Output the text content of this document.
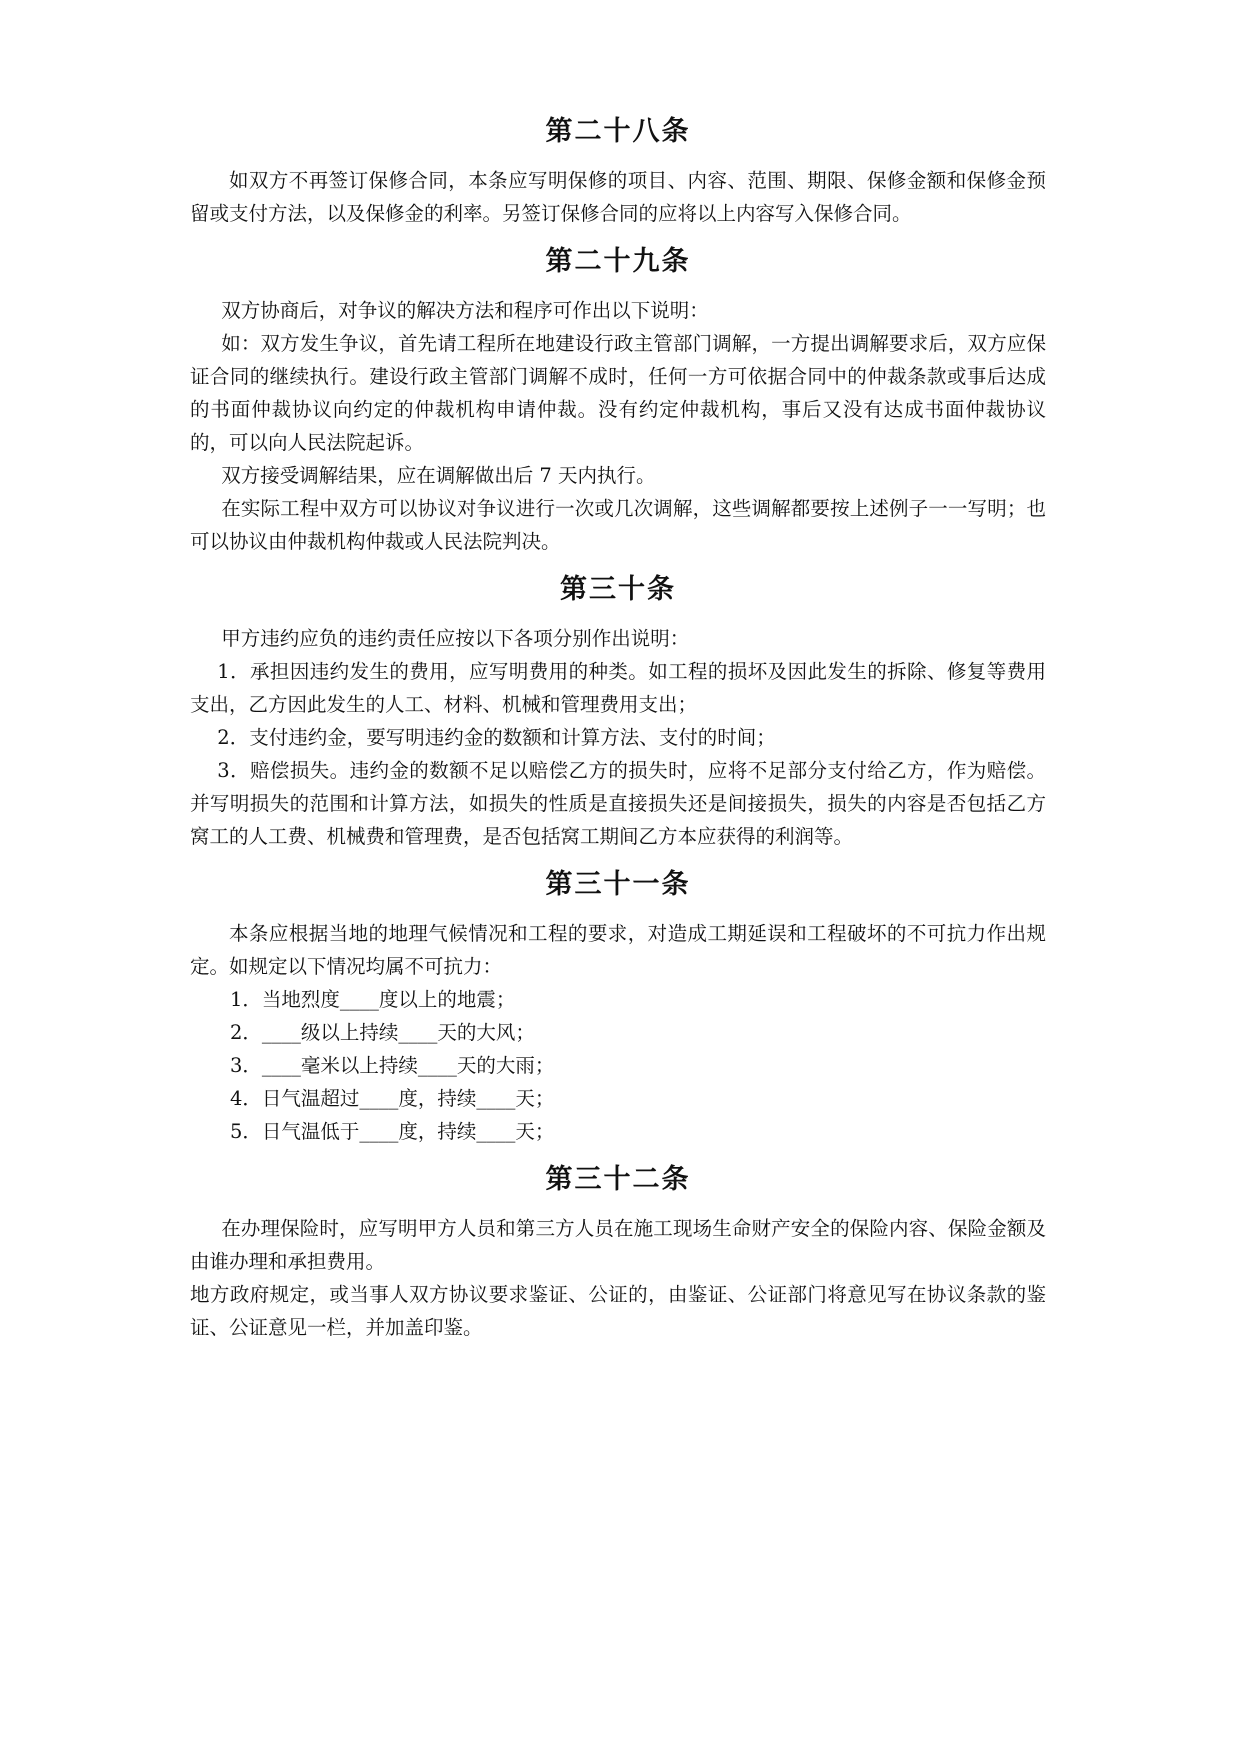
第二十八条

如双方不再签订保修合同，本条应写明保修的项目、内容、范围、期限、保修金额和保修金预留或支付方法，以及保修金的利率。另签订保修合同的应将以上内容写入保修合同。

第二十九条

双方协商后，对争议的解决方法和程序可作出以下说明：

如：双方发生争议，首先请工程所在地建设行政主管部门调解，一方提出调解要求后，双方应保证合同的继续执行。建设行政主管部门调解不成时，任何一方可依据合同中的仲裁条款或事后达成的书面仲裁协议向约定的仲裁机构申请仲裁。没有约定仲裁机构，事后又没有达成书面仲裁协议的，可以向人民法院起诉。

双方接受调解结果，应在调解做出后 7 天内执行。

在实际工程中双方可以协议对争议进行一次或几次调解，这些调解都要按上述例子一一写明；也可以协议由仲裁机构仲裁或人民法院判决。

第三十条

甲方违约应负的违约责任应按以下各项分别作出说明：

1．承担因违约发生的费用，应写明费用的种类。如工程的损坏及因此发生的拆除、修复等费用支出，乙方因此发生的人工、材料、机械和管理费用支出；

2．支付违约金，要写明违约金的数额和计算方法、支付的时间；

3．赔偿损失。违约金的数额不足以赔偿乙方的损失时，应将不足部分支付给乙方，作为赔偿。并写明损失的范围和计算方法，如损失的性质是直接损失还是间接损失，损失的内容是否包括乙方窝工的人工费、机械费和管理费，是否包括窝工期间乙方本应获得的利润等。

第三十一条

本条应根据当地的地理气候情况和工程的要求，对造成工期延误和工程破坏的不可抗力作出规定。如规定以下情况均属不可抗力：

1．当地烈度____度以上的地震；

2．____级以上持续____天的大风；

3．____毫米以上持续____天的大雨；

4．日气温超过____度，持续____天；

5．日气温低于____度，持续____天；

第三十二条

在办理保险时，应写明甲方人员和第三方人员在施工现场生命财产安全的保险内容、保险金额及由谁办理和承担费用。

地方政府规定，或当事人双方协议要求鉴证、公证的，由鉴证、公证部门将意见写在协议条款的鉴证、公证意见一栏，并加盖印鉴。
